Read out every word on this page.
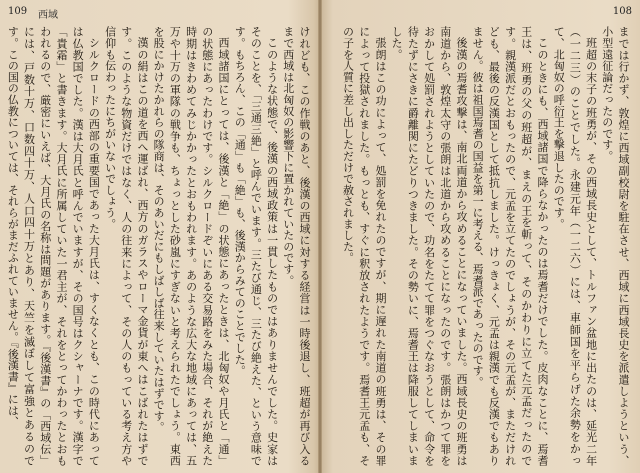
109 西域

けれども、この作戦のあと、後漢の西域に対する経営は一時後退し、班超が再び入るまで西域は北匈奴の影響下に置かれていたのです。

このような状態で、後漢の西域政策は一貫したものではありませんでした。史家はそのことを、「三通三絶」と呼んでいます。三たび通じ、三たび絶えた、という意味です。もちろん、この「通」も「絶」も、後漢からみてのことでした。

西域諸国にとっては、後漢と「絶」の状態にあったときは、北匈奴や月氏と「通」の状態にあったわけです。シルクロードぞいにある交易路をみた場合、それが絶えた時期はきわめてみじかかったとおもわれます。あのような広大な地域にあっては、五万や十万の軍隊の戦争も、ちょっとした砂嵐にすぎないと考えられたでしょう。東西を股にかけたかれらの隊商は、そのあいだにもしばしば往来していたはずです。

漢の絹はこの道を西へ運ばれ、西方のガラスやローマ金貨が東へはこばれたはずです。このような物資だけではなく、人の往来によって、その人のもっている考え方や信仰も伝わったにちがいないでしょう。

シルクロードの西部の重要国であった大月氏は、すくなくとも、この時代にあっては仏教国でした。漢は大月氏と呼んでいますが、その国号はクシャーナです。漢字で「貴霜」と書きます。大月氏に所属していた一君主が、それをとってかわったとおもわれるので、厳密にいえば、大月氏の名称は問題があります。『後漢書』の「西域伝」には、戸数十万、口数四十万、人口四十万とあり、天竺を滅ぼして富強とあるのです。この国の仏教については、それらがまだふれていません。『後漢書』には、

108

までは行かず、敦煌に西域副校尉を駐在させ、西域に西域長史を派遣しようという、小型遠征論だったのです。

班超の末子の班勇が、その西域長史として、トルファン盆地に出たのは、延光二年（一二三）のことでした。永建元年（一二六）には、車師国を平らげた余勢をかって、北匈奴の呼衍王を撃退したのです。

このときにも、西域諸国で降らなかったのは焉耆だけでした。皮肉なことに、焉耆王は、班勇の父の班超が、まえの王を斬って、そのかわりに立てた元孟だったのです。親漢派だとおもったので、元孟を立てたのでしょうが、その元孟が、まただけれども、最後の反漢国として抵抗しました。けっきょく、元孟は親漢でも反漢でもありません。彼は祖国焉耆の国益を第一に考える、焉耆派であったのです。

後漢の焉耆攻撃は、南北両道から攻めることになっていました。西域長史の班勇は南道から、敦煌太守の張朗は北道から攻めることになったのです。張朗はかつて罪をおかして処罰されようとしていたので、功名をたてて罪をつぐなおうとして、命令を待たずにさきに爵離関にたどりつきました。その勢いに、焉耆王は降服してしまいました。

張朗はこの功によって、処罰を免れたのですが、期に遅れた南道の班勇は、その罪によって投獄されました。もっとも、すぐに釈放されたようです。焉耆王元孟も、その子を人質に差し出しただけで赦されました。
